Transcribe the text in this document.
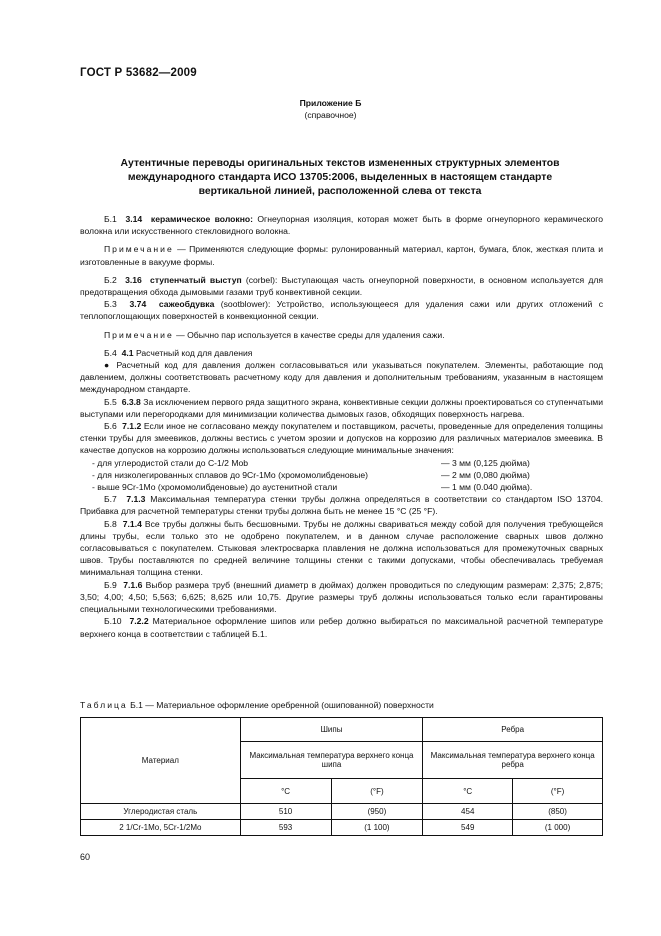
ГОСТ Р 53682—2009
Приложение Б
(справочное)
Аутентичные переводы оригинальных текстов измененных структурных элементов
международного стандарта ИСО 13705:2006, выделенных в настоящем стандарте
вертикальной линией, расположенной слева от текста

Б.1 3.14 керамическое волокно: Огнеупорная изоляция, которая может быть в форме огнеупорного керамического волокна или искусственного стекловидного волокна.

Примечание — Применяются следующие формы: рулонированный материал, картон, бумага, блок, жесткая плита и изготовленные в вакууме формы.

Б.2 3.16 ступенчатый выступ (corbel): Выступающая часть огнеупорной поверхности, в основном используется для предотвращения обхода дымовыми газами труб конвективной секции.

Б.3 3.74 сажеобдувка (sootblower): Устройство, использующееся для удаления сажи или других отложений с теплопоглощающих поверхностей в конвекционной секции.

Примечание — Обычно пар используется в качестве среды для удаления сажи.

Б.4 4.1 Расчетный код для давления

● Расчетный код для давления должен согласовываться или указываться покупателем. Элементы, работающие под давлением, должны соответствовать расчетному коду для давления и дополнительным требованиям, указанным в настоящем международном стандарте.

Б.5 6.3.8 За исключением первого ряда защитного экрана, конвективные секции должны проектироваться со ступенчатыми выступами или перегородками для минимизации количества дымовых газов, обходящих поверхность нагрева.

Б.6 7.1.2 Если иное не согласовано между покупателем и поставщиком, расчеты, проведенные для определения толщины стенки трубы для змеевиков, должны вестись с учетом эрозии и допусков на коррозию для различных материалов змеевика. В качестве допусков на коррозию должны использоваться следующие минимальные значения:

- для углеродистой стали до С-1/2 Mob	— 3 мм (0,125 дюйма)
- для низколегированных сплавов до 9Cr-1Mo (хромомолибденовые)	— 2 мм (0,080 дюйма)
- выше 9Cr-1Mo (хромомолибденовые) до аустенитной стали	— 1 мм (0.040 дюйма).

Б.7 7.1.3 Максимальная температура стенки трубы должна определяться в соответствии со стандартом ISO 13704. Прибавка для расчетной температуры стенки трубы должна быть не менее 15 °С (25 °F).

Б.8 7.1.4 Все трубы должны быть бесшовными. Трубы не должны свариваться между собой для получения требующейся длины трубы, если только это не одобрено покупателем, и в данном случае расположение сварных швов должно согласовываться с покупателем. Стыковая электросварка плавления не должна использоваться для промежуточных сварных швов. Трубы поставляются по средней величине толщины стенки с такими допусками, чтобы обеспечивалась требуемая минимальная толщина стенки.

Б.9 7.1.6 Выбор размера труб (внешний диаметр в дюймах) должен проводиться по следующим размерам: 2,375; 2,875; 3,50; 4,00; 4,50; 5,563; 6,625; 8,625 или 10,75. Другие размеры труб должны использоваться только если гарантированы специальными технологическими требованиями.

Б.10 7.2.2 Материальное оформление шипов или ребер должно выбираться по максимальной расчетной температуре верхнего конца в соответствии с таблицей Б.1.

Таблица Б.1 — Материальное оформление оребренной (ошипованной) поверхности
Материал	Шипы		Ребра	
	Максимальная температура верхнего конца шипа		Максимальная температура верхнего конца ребра	
	°C	(°F)	°C	(°F)
Углеродистая сталь	510	(950)	454	(850)
2 1/Cr-1Mo, 5Cr-1/2Mo	593	(1 100)	549	(1 000)
60
